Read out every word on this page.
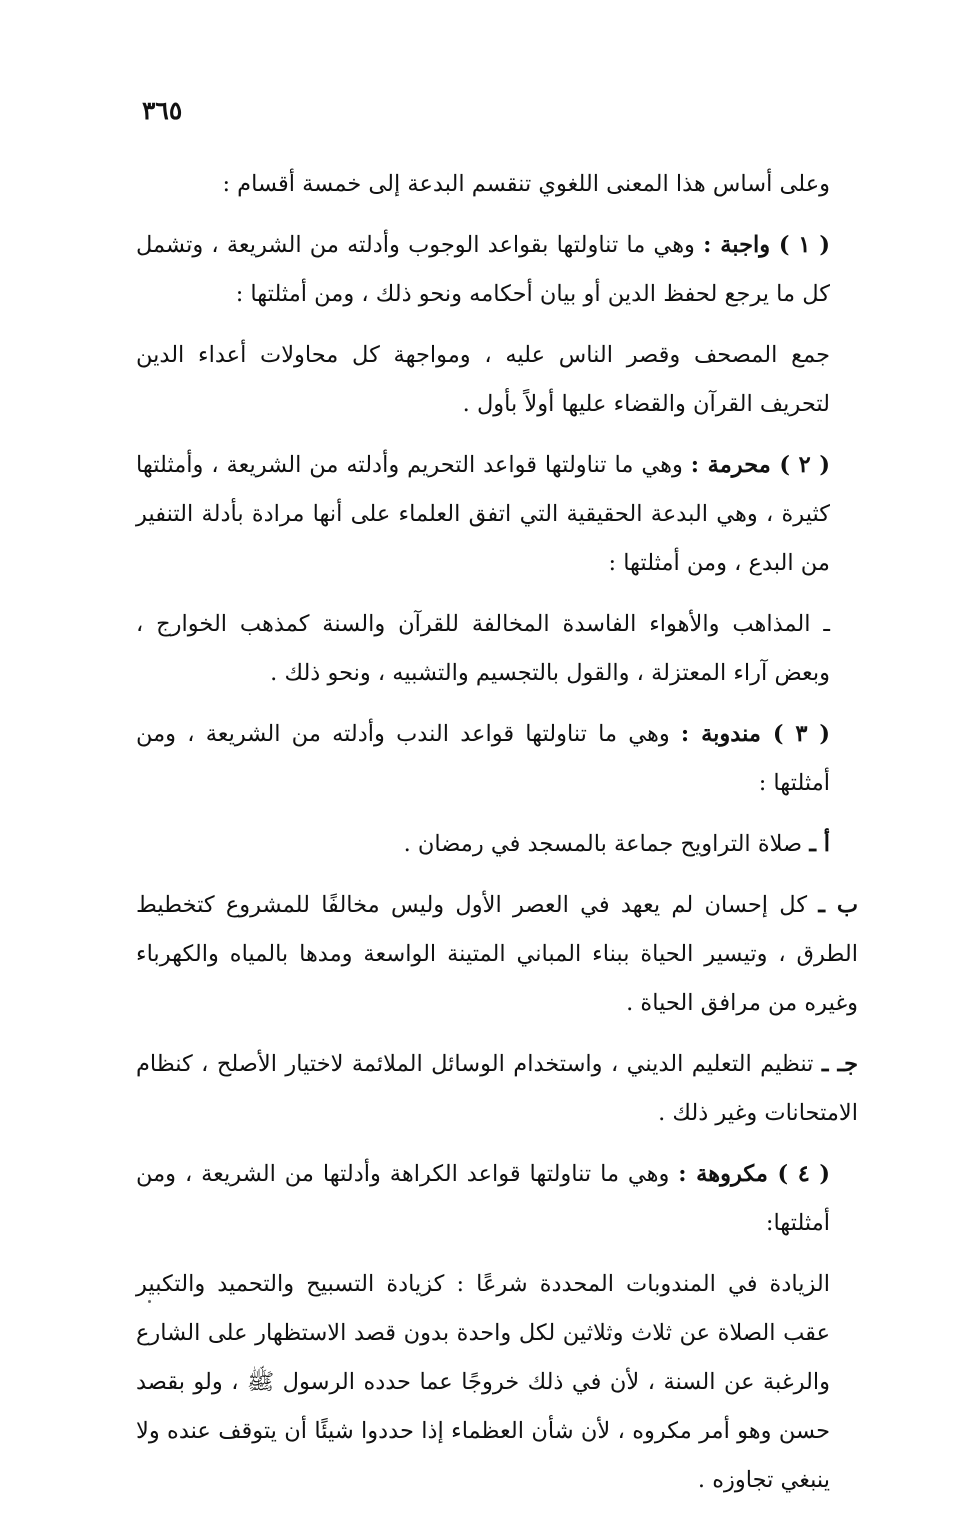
٣٦٥

وعلى أساس هذا المعنى اللغوي تنقسم البدعة إلى خمسة أقسام :

( ١ ) واجبة : وهي ما تناولتها بقواعد الوجوب وأدلته من الشريعة ، وتشمل كل ما يرجع لحفظ الدين أو بيان أحكامه ونحو ذلك ، ومن أمثلتها :

جمع المصحف وقصر الناس عليه ، ومواجهة كل محاولات أعداء الدين لتحريف القرآن والقضاء عليها أولاً بأول .

( ٢ ) محرمة : وهي ما تناولتها قواعد التحريم وأدلته من الشريعة ، وأمثلتها كثيرة ، وهي البدعة الحقيقية التي اتفق العلماء على أنها مرادة بأدلة التنفير من البدع ، ومن أمثلتها :

ـ المذاهب والأهواء الفاسدة المخالفة للقرآن والسنة كمذهب الخوارج ، وبعض آراء المعتزلة ، والقول بالتجسيم والتشبيه ، ونحو ذلك .

( ٣ ) مندوبة : وهي ما تناولتها قواعد الندب وأدلته من الشريعة ، ومن أمثلتها :

أ ـ صلاة التراويح جماعة بالمسجد في رمضان .

ب ـ كل إحسان لم يعهد في العصر الأول وليس مخالفًا للمشروع كتخطيط الطرق ، وتيسير الحياة ببناء المباني المتينة الواسعة ومدها بالمياه والكهرباء وغيره من مرافق الحياة .

جـ ـ تنظيم التعليم الديني ، واستخدام الوسائل الملائمة لاختيار الأصلح ، كنظام الامتحانات وغير ذلك .

( ٤ ) مكروهة : وهي ما تناولتها قواعد الكراهة وأدلتها من الشريعة ، ومن أمثلتها:

الزيادة في المندوبات المحددة شرعًا : كزيادة التسبيح والتحميد والتكبير عقب الصلاة عن ثلاث وثلاثين لكل واحدة بدون قصد الاستظهار على الشارع والرغبة عن السنة ، لأن في ذلك خروجًا عما حدده الرسول ﷺ ، ولو بقصد حسن وهو أمر مكروه ، لأن شأن العظماء إذا حددوا شيئًا أن يتوقف عنده ولا ينبغي تجاوزه .
